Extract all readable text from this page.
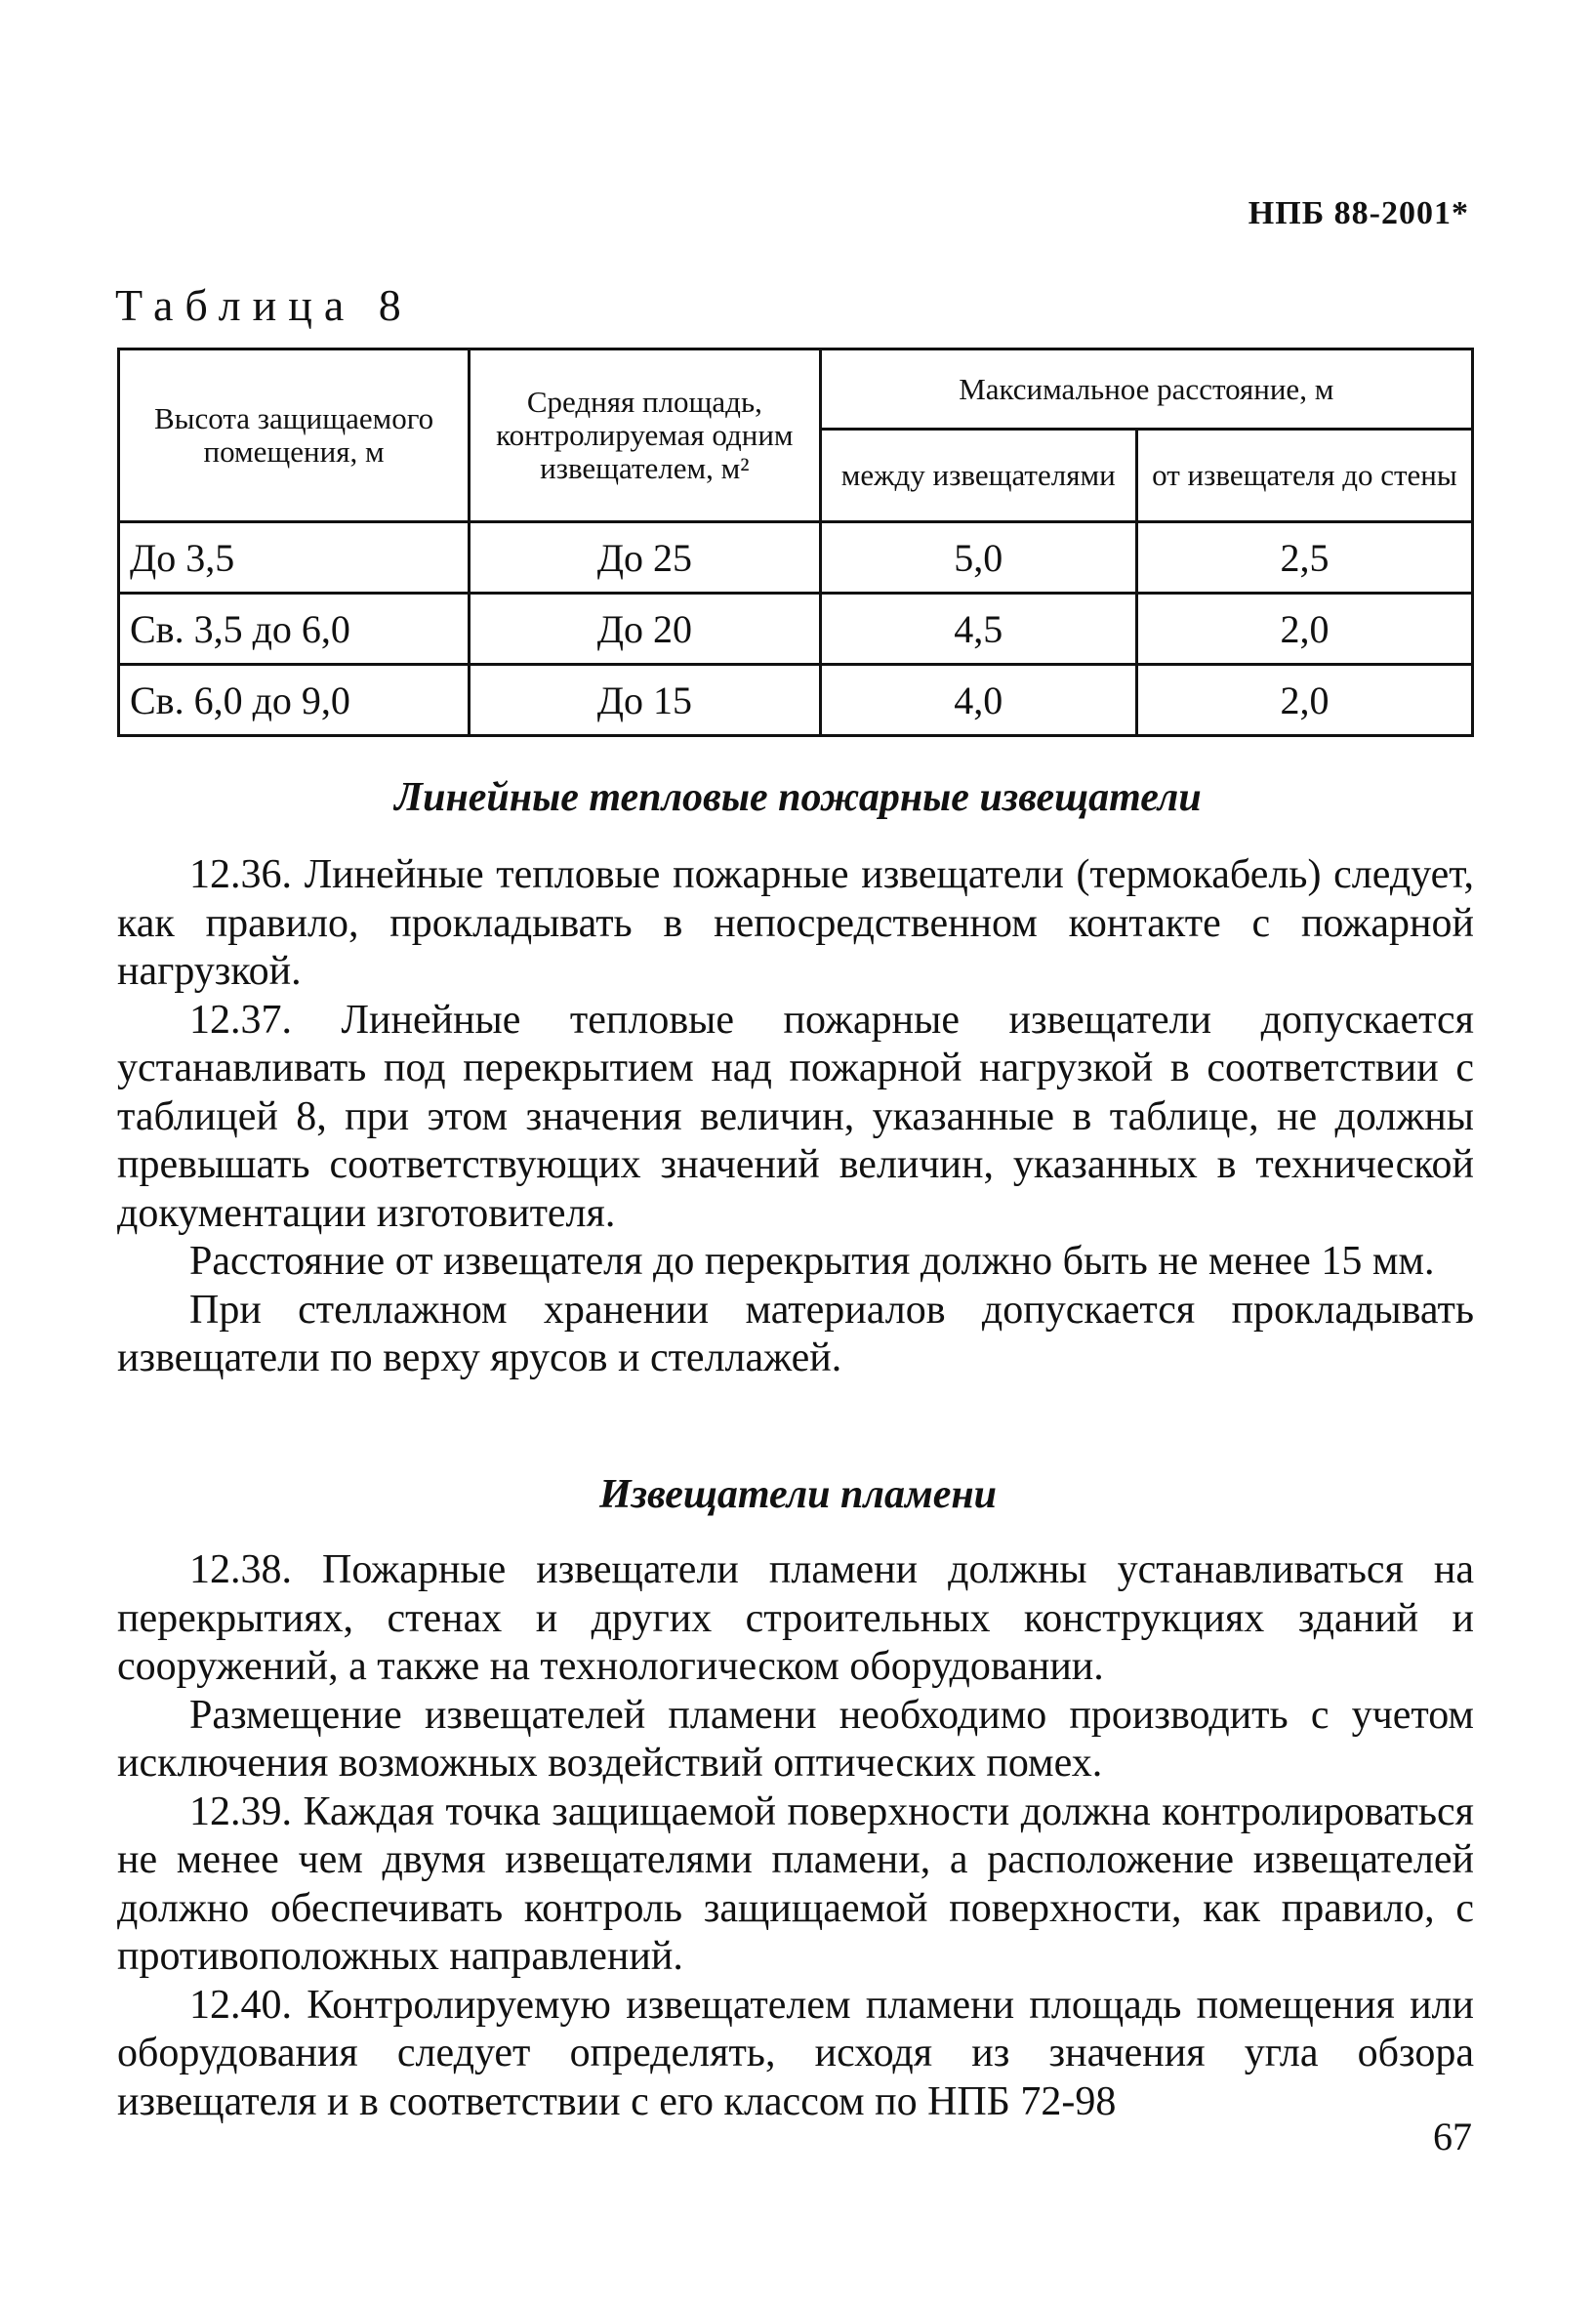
НПБ 88-2001*
Таблица 8
Высота защищаемого помещения, м	Средняя площадь, контролируемая одним извещателем, м²	Максимальное расстояние, м	
		между извещателями	от извещателя до стены
До 3,5	До 25	5,0	2,5
Св. 3,5 до 6,0	До 20	4,5	2,0
Св. 6,0 до 9,0	До 15	4,0	2,0
Линейные тепловые пожарные извещатели

12.36. Линейные тепловые пожарные извещатели (термокабель) следует, как правило, прокладывать в непосредственном контакте с пожарной нагрузкой.

12.37. Линейные тепловые пожарные извещатели допускается устанавливать под перекрытием над пожарной нагрузкой в соответствии с таблицей 8, при этом значения величин, указанные в таблице, не должны превышать соответствующих значений величин, указанных в технической документации изготовителя.

Расстояние от извещателя до перекрытия должно быть не менее 15 мм.

При стеллажном хранении материалов допускается прокладывать извещатели по верху ярусов и стеллажей.

Извещатели пламени

12.38. Пожарные извещатели пламени должны устанавливаться на перекрытиях, стенах и других строительных конструкциях зданий и сооружений, а также на технологическом оборудовании.

Размещение извещателей пламени необходимо производить с учетом исключения возможных воздействий оптических помех.

12.39. Каждая точка защищаемой поверхности должна контролироваться не менее чем двумя извещателями пламени, а расположение извещателей должно обеспечивать контроль защищаемой поверхности, как правило, с противоположных направлений.

12.40. Контролируемую извещателем пламени площадь помещения или оборудования следует определять, исходя из значения угла обзора извещателя и в соответствии с его классом по НПБ 72-98

67
